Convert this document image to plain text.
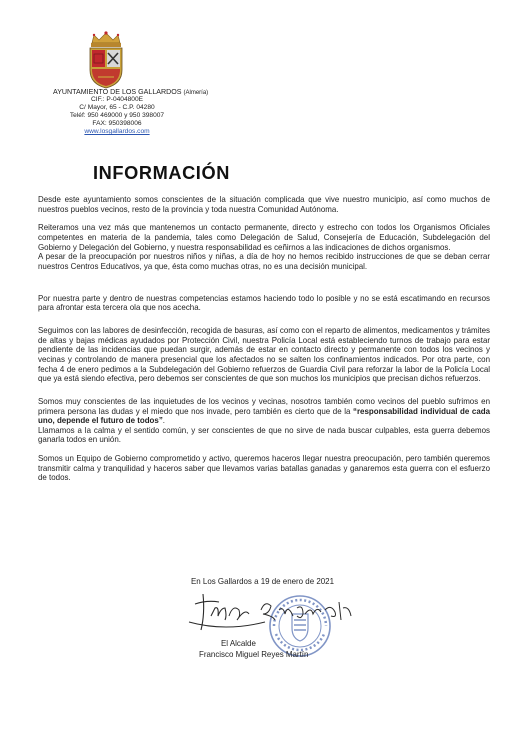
AYUNTAMIENTO DE LOS GALLARDOS (Almería)
CIF.: P-0404800E
C/ Mayor, 65 - C.P. 04280
Teléf: 950 469000 y 950 398007
FAX: 950398006
www.losgallardos.com
INFORMACIÓN

Desde este ayuntamiento somos conscientes de la situación complicada que vive nuestro municipio, así como muchos de nuestros pueblos vecinos, resto de la provincia y toda nuestra Comunidad Autónoma.

Reiteramos una vez más que mantenemos un contacto permanente, directo y estrecho con todos los Organismos Oficiales competentes en materia de la pandemia, tales como Delegación de Salud, Consejería de Educación, Subdelegación del Gobierno y Delegación del Gobierno, y nuestra responsabilidad es ceñirnos a las indicaciones de dichos organismos.

A pesar de la preocupación por nuestros niños y niñas, a día de hoy no hemos recibido instrucciones de que se deban cerrar nuestros Centros Educativos, ya que, ésta como muchas otras, no es una decisión municipal.

Por nuestra parte y dentro de nuestras competencias estamos haciendo todo lo posible y no se está escatimando en recursos para afrontar esta tercera ola que nos acecha.

Seguimos con las labores de desinfección, recogida de basuras, así como con el reparto de alimentos, medicamentos y trámites de altas y bajas médicas ayudados por Protección Civil, nuestra Policía Local está estableciendo turnos de trabajo para estar pendiente de las incidencias que puedan surgir, además de estar en contacto directo y permanente con todos los vecinos y vecinas y controlando de manera presencial que los afectados no se salten los confinamientos indicados. Por otra parte, con fecha 4 de enero pedimos a la Subdelegación del Gobierno refuerzos de Guardia Civil para reforzar la labor de la Policía Local que ya está siendo efectiva, pero debemos ser conscientes de que son muchos los municipios que precisan dichos refuerzos.

Somos muy conscientes de las inquietudes de los vecinos y vecinas, nosotros también como vecinos del pueblo sufrimos en primera persona las dudas y el miedo que nos invade, pero también es cierto que de la “responsabilidad individual de cada uno, depende el futuro de todos”.

Llamamos a la calma y el sentido común, y ser conscientes de que no sirve de nada buscar culpables, esta guerra debemos ganarla todos en unión.

Somos un Equipo de Gobierno comprometido y activo, queremos haceros llegar nuestra preocupación, pero también queremos transmitir calma y tranquilidad y haceros saber que llevamos varias batallas ganadas y ganaremos esta guerra con el esfuerzo de todos.

En Los Gallardos a 19 de enero de 2021
El Alcalde
Francisco Miguel Reyes Martín
